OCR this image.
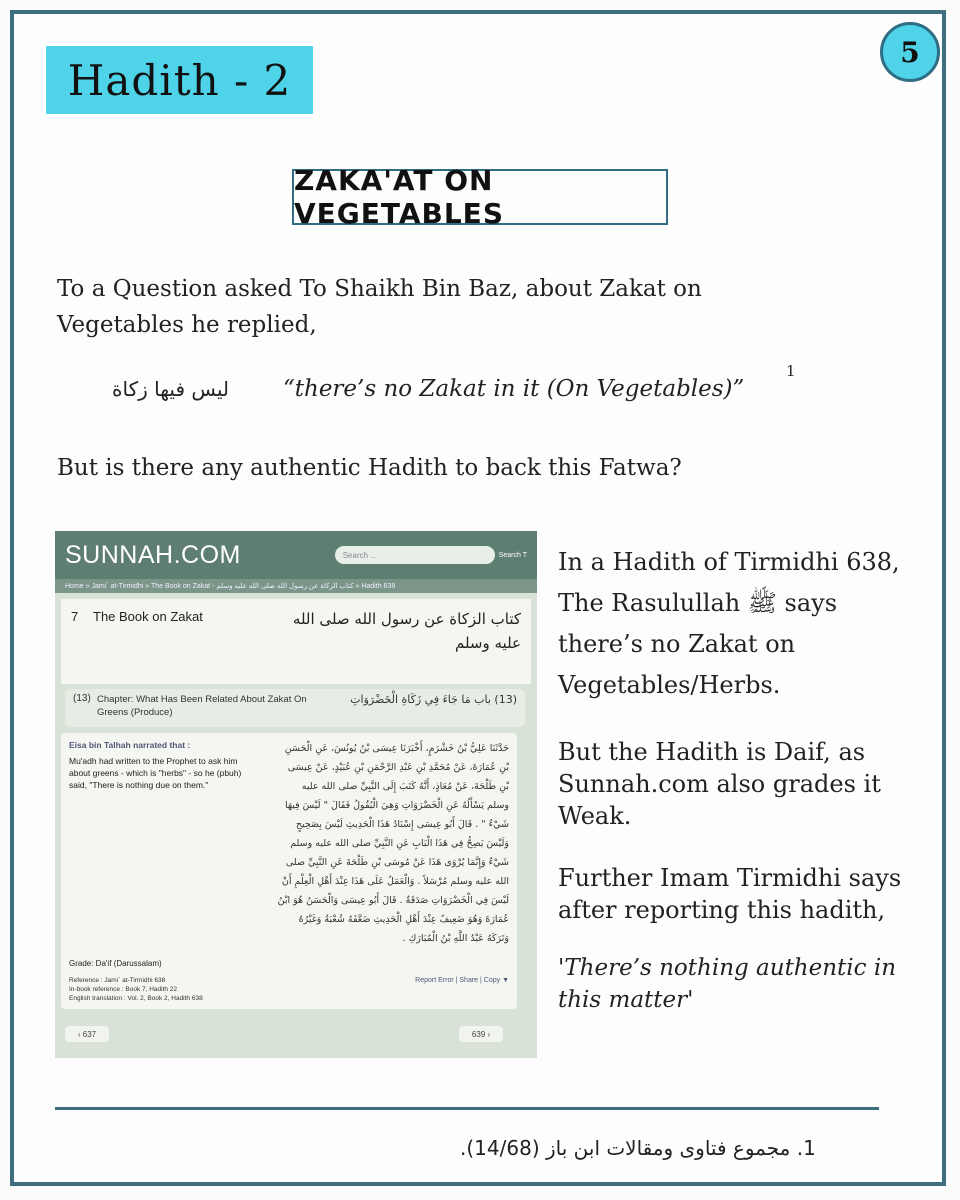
Hadith - 2
5
ZAKA'AT ON VEGETABLES
To a Question asked To Shaikh Bin Baz, about Zakat on
Vegetables he replied,
ليس فيها زكاة “there’s no Zakat in it (On Vegetables)”
1
But is there any authentic Hadith to back this Fatwa?
SUNNAH.COM	Search ...	Search T
Home » Jami` at-Tirmidhi » The Book on Zakat - كتاب الزكاة عن رسول الله صلى الله عليه وسلم » Hadith 638
7 The Book on Zakat	كتاب الزكاة عن رسول الله صلى الله عليه وسلم
(13) Chapter: What Has Been Related About Zakat On Greens (Produce)
(13) باب مَا جَاءَ فِي زَكَاةِ الْخَضْرَوَاتِ
Eisa bin Talhah narrated that :
Mu'adh had written to the Prophet to ask him about greens - which is "herbs" - so he (pbuh) said, "There is nothing due on them."
حَدَّثَنَا عَلِيُّ بْنُ خَشْرَمٍ، أَخْبَرَنَا عِيسَى بْنُ يُونُسَ، عَنِ الْحَسَنِ بْنِ عُمَارَةَ، عَنْ مُحَمَّدِ بْنِ عَبْدِ الرَّحْمَنِ بْنِ عُبَيْدٍ، عَنْ عِيسَى بْنِ طَلْحَةَ، عَنْ مُعَاذٍ، أَنَّهُ كَتَبَ إِلَى النَّبِيِّ صلى الله عليه وسلم يَسْأَلُهُ عَنِ الْخَضْرَوَاتِ وَهِيَ الْبُقُولُ فَقَالَ ‏"‏ لَيْسَ فِيهَا شَيْءٌ ‏"‏ ‏.‏ قَالَ أَبُو عِيسَى إِسْنَادُ هَذَا الْحَدِيثِ لَيْسَ بِصَحِيحٍ وَلَيْسَ يَصِحُّ فِي هَذَا الْبَابِ عَنِ النَّبِيِّ صلى الله عليه وسلم شَيْءٌ وَإِنَّمَا يُرْوَى هَذَا عَنْ مُوسَى بْنِ طَلْحَةَ عَنِ النَّبِيِّ صلى الله عليه وسلم مُرْسَلاً ‏.‏ وَالْعَمَلُ عَلَى هَذَا عِنْدَ أَهْلِ الْعِلْمِ أَنْ لَيْسَ فِي الْخَضْرَوَاتِ صَدَقَةٌ ‏.‏ قَالَ أَبُو عِيسَى وَالْحَسَنُ هُوَ ابْنُ عُمَارَةَ وَهُوَ ضَعِيفٌ عِنْدَ أَهْلِ الْحَدِيثِ ضَعَّفَهُ شُعْبَةُ وَغَيْرُهُ وَتَرَكَهُ عَبْدُ اللَّهِ بْنُ الْمُبَارَكِ ‏.‏
Grade: Da'if (Darussalam)
Reference : Jami` at-Tirmidhi 638
In-book reference : Book 7, Hadith 22
English translation : Vol. 2, Book 2, Hadith 638
Report Error | Share | Copy ▼
‹ 637	639 ›
In a Hadith of Tirmidhi 638, The Rasulullah ﷺ says there’s no Zakat on Vegetables/Herbs.
But the Hadith is Daif, as Sunnah.com also grades it Weak.
Further Imam Tirmidhi says after reporting this hadith,
'There’s nothing authentic in this matter'
1. مجموع فتاوى ومقالات ابن باز (14/68).
